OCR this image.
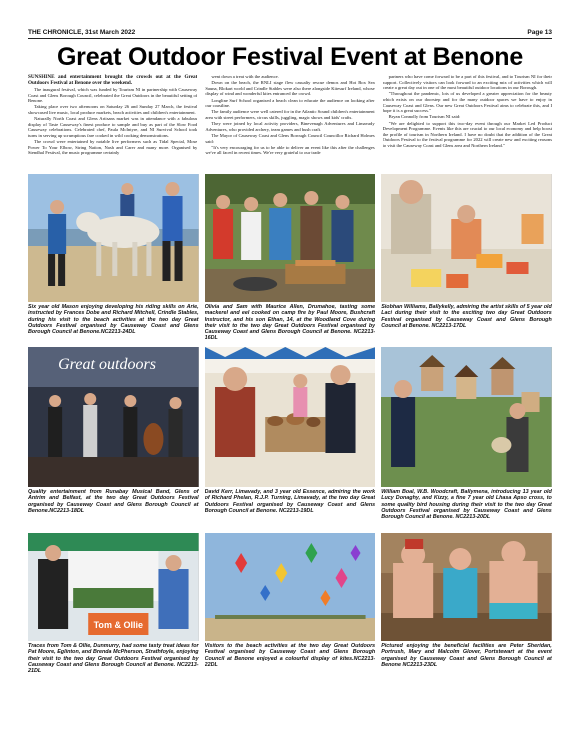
THE CHRONICLE, 31st March 2022	Page 13
Great Outdoor Festival Event at Benone

SUNSHINE and entertainment brought the crowds out at the Great Outdoors Festival at Benone over the weekend.

The inaugural festival, which was funded by Tourism NI in partnership with Causeway Coast and Glens Borough Council, celebrated the Great Outdoors in the beautiful setting of Benone.

Taking place over two afternoons on Saturday 26 and Sunday 27 March, the festival showcased live music, local produce markets, beach activities and children's entertainment.

Naturally North Coast and Glens Artisans market was in attendance with a fabulous display of Taste Causeway's finest produce to sample and buy as part of the Slow Food Causeway celebrations. Celebrated chef, Paula McIntyre, and NI Survival School took turns in serving up scrumptious fare cooked in wild cooking demonstrations.

The crowd were entertained by notable live performers such as Tidal Special, Mose Power To Your Elbow, String Nation, Nash and Carer and many more. Organised by Stendhal Festival, the music programme certainly

went down a treat with the audience.

Down on the beach, the RNLI stage flew casualty rescue demos and Hot Box Sea Sauna, Blokart world and Crindle Stables were also there alongside Kitesurf Ireland, whose display of wind and wonderful kites entranced the crowd.

Longline Surf School organised a beach clean to educate the audience on looking after our coastline.

The family audience were well catered for in the Atlantic Sound children's entertainment area with street performers, circus skills, juggling, magic shows and kids' crafts.

They were joined by local activity providers, Binevenagh Adventures and Limavady Adventures, who provided archery, team games and bush craft.

The Mayor of Causeway Coast and Glens Borough Council Councillor Richard Holmes said:

"It's very encouraging for us to be able to deliver an event like this after the challenges we've all faced in recent times. We're very grateful to our trade

partners who have come forward to be a part of this festival, and to Tourism NI for their support. Collectively visitors can look forward to an exciting mix of activities which will create a great day out in one of the most beautiful outdoor locations in our Borough.

"Throughout the pandemic, lots of us developed a greater appreciation for the beauty which exists on our doorstep and for the many outdoor spaces we have to enjoy in Causeway Coast and Glens. Our new Great Outdoors Festival aims to celebrate this, and I hope it is a great success."

Bryan Connolly from Tourism NI said:

"We are delighted to support this two-day event through our Market Led Product Development Programme. Events like this are crucial to our local economy and help boost the profile of tourism in Northern Ireland. I have no doubt that the addition of the Great Outdoors Festival to the festival programme for 2022 will create new and exciting reasons to visit the Causeway Coast and Glens area and Northern Ireland."

Six year old Mason enjoying developing his riding skills on Arie, instructed by Frances Dobe and Richard Mitchell, Crindle Stables, during his visit to the beach activities at the two day Great Outdoors Festival organised by Causeway Coast and Glens Borough Council at Benone.NC2213-24DL

Olivia and Sam with Maurice Allen, Drumahoe, tasting some mackerel and eel cooked on camp fire by Paul Moore, Bushcraft Instructor, and his son Ethan, 14, at the Woodland Cove during their visit to the two day Great Outdoors Festival organised by Causeway Coast and Glens Borough Council at Benone. NC2213-16DL

Siobhan Williams, Ballykelly, admiring the artist skills of 5 year old Laci during their visit to the exciting two day Great Outdoors Festival organised by Causeway Coast and Glens Borough Council at Benone. NC2213-17DL

Great outdoors

Quality entertainment from Runabay Musical Band, Glens of Antrim and Belfast, at the two day Great Outdoors Festival organised by Causeway Coast and Glens Borough Council at Benone.NC2213-18DL

David Kerr, Limavady, and 3 year old Essence, admiring the work of Richard Phelan, R.J.P. Turning, Limavady, at the two day Great Outdoors Festival organised by Causeway Coast and Glens Borough Council at Benone. NC2213-19DL

William Boal, W.B. Woodcraft, Ballymena, introducing 13 year old Lucy Donaghy, and Kizzy, a fine 7 year old Lhasa Apso cross, to some quality bird housing during their visit to the two day Great Outdoors Festival organised by Causeway Coast and Glens Borough Council at Benone. NC2213-20DL

Tom & Ollie

Traces from Tom & Ollie, Dunmurry, had some tasty treat ideas for Pat Moore, Eglinton, and Brenda McPherson, Strathfoyle, enjoying their visit to the two day Great Outdoors Festival organised by Causeway Coast and Glens Borough Council at Benone. NC2213-21DL

Visitors to the beach activities at the two day Great Outdoors Festival organised by Causeway Coast and Glens Borough Council at Benone enjoyed a colourful display of kites.NC2213-22DL

Pictured enjoying the beneficial facilities are Peter Sheridan, Portrush, Mary and Malcolm Glover, Portstewart at the event organised by Causeway Coast and Glens Borough Council at Benone NC2213-23DL
